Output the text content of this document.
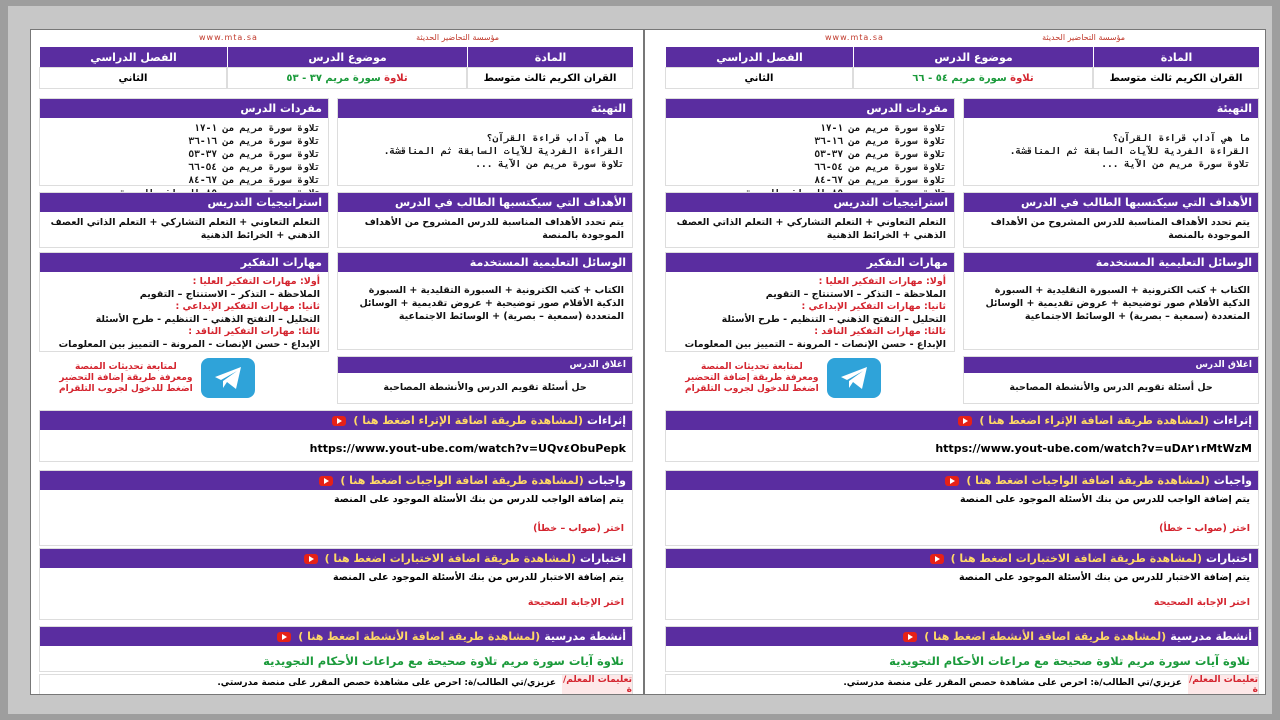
www.mta.sa	مؤسسة التحاضير الحديثة
المادة
موضوع الدرس
الفصل الدراسي
القران الكريم ثالث متوسط
تلاوة

سورة مريم ٣٧ - ٥٣
الثاني
التهيئة
ما هي آداب قراءة القرآن؟
القراءة الفردية للآيات السابقة ثم المناقشة.
تلاوة سورة مريم من الآية ...
مفردات الدرس
تلاوة سورة مريم من ١-١٧
تلاوة سورة مريم من ١٦-٣٦
تلاوة سورة مريم من ٣٧-٥٣
تلاوة سورة مريم من ٥٤-٦٦
تلاوة سورة مريم من ٦٧-٨٤
الأهداف التي سيكتسبها الطالب في الدرس
يتم تحدد الأهداف المناسبة للدرس المشروح من الأهداف الموجودة بالمنصة
استراتيجيات التدريس
التعلم التعاوني + التعلم التشاركي + التعلم الذاتي العصف الذهني + الخرائط الذهنية
الوسائل التعليمية المستخدمة
الكتاب + كتب الكترونية + السبورة التقليدية + السبورة الذكية الأقلام صور توضيحية + عروض تقديمية + الوسائل المتعددة (سمعية – بصرية) + الوسائط الاجتماعية
مهارات التفكير
أولا: مهارات التفكير العليا :
الملاحظة – التذكر – الاستنتاج – التقويم
ثانيا: مهارات التفكير الإبداعي :
التحليل – التفتح الذهني – التنظيم - طرح الأسئلة
ثالثا: مهارات التفكير الناقد :
الإبداع - حسن الإنصات - المرونة – التمييز بين المعلومات
اغلاق الدرس
حل أسئلة تقويم الدرس والأنشطة المصاحبة
لمتابعة تحديثات المنصة
ومعرفة طريقة إضافة التحضير
اضغط للدخول لجروب التلقرام
إثراءات
(لمشاهدة طريقة اضافة الإثراء اضغط هنا )
https://www.yout-ube.com/watch?v=UQv٤ObuPepk
واجبات
(لمشاهدة طريقة اضافة الواجبات اضغط هنا )
يتم إضافة الواجب للدرس من بنك الأسئلة الموجود على المنصة
اختر (صواب – خطأ)
اختبارات
(لمشاهدة طريقة اضافة الاختبارات اضغط هنا )
يتم إضافة الاختبار للدرس من بنك الأسئلة الموجود على المنصة
اختر الإجابة الصحيحة
أنشطة مدرسية
(لمشاهدة طريقة اضافة الأنشطة اضغط هنا )
تلاوة آيات سورة مريم تلاوة صحيحة مع مراعات الأحكام التجويدية
تعليمات المعلم/ة
عزيزي/تي الطالب/ة: احرص على مشاهدة حصص المقرر على منصة مدرستي.
www.mta.sa	مؤسسة التحاضير الحديثة
المادة
موضوع الدرس
الفصل الدراسي
القران الكريم ثالث متوسط
تلاوة

سورة مريم ٥٤ - ٦٦
الثاني
التهيئة
ما هي آداب قراءة القرآن؟
القراءة الفردية للآيات السابقة ثم المناقشة.
تلاوة سورة مريم من الآية ...
مفردات الدرس
تلاوة سورة مريم من ١-١٧
تلاوة سورة مريم من ١٦-٣٦
تلاوة سورة مريم من ٣٧-٥٣
تلاوة سورة مريم من ٥٤-٦٦
تلاوة سورة مريم من ٦٧-٨٤
الأهداف التي سيكتسبها الطالب في الدرس
يتم تحدد الأهداف المناسبة للدرس المشروح من الأهداف الموجودة بالمنصة
استراتيجيات التدريس
التعلم التعاوني + التعلم التشاركي + التعلم الذاتي العصف الذهني + الخرائط الذهنية
الوسائل التعليمية المستخدمة
الكتاب + كتب الكترونية + السبورة التقليدية + السبورة الذكية الأقلام صور توضيحية + عروض تقديمية + الوسائل المتعددة (سمعية – بصرية) + الوسائط الاجتماعية
مهارات التفكير
أولا: مهارات التفكير العليا :
الملاحظة – التذكر – الاستنتاج – التقويم
ثانيا: مهارات التفكير الإبداعي :
التحليل – التفتح الذهني – التنظيم - طرح الأسئلة
ثالثا: مهارات التفكير الناقد :
الإبداع - حسن الإنصات - المرونة – التمييز بين المعلومات
اغلاق الدرس
حل أسئلة تقويم الدرس والأنشطة المصاحبة
لمتابعة تحديثات المنصة
ومعرفة طريقة إضافة التحضير
اضغط للدخول لجروب التلقرام
إثراءات
(لمشاهدة طريقة اضافة الإثراء اضغط هنا )
https://www.yout-ube.com/watch?v=uD٨٢١rMtWzM
واجبات
(لمشاهدة طريقة اضافة الواجبات اضغط هنا )
يتم إضافة الواجب للدرس من بنك الأسئلة الموجود على المنصة
اختر (صواب – خطأ)
اختبارات
(لمشاهدة طريقة اضافة الاختبارات اضغط هنا )
يتم إضافة الاختبار للدرس من بنك الأسئلة الموجود على المنصة
اختر الإجابة الصحيحة
أنشطة مدرسية
(لمشاهدة طريقة اضافة الأنشطة اضغط هنا )
تلاوة آيات سورة مريم تلاوة صحيحة مع مراعات الأحكام التجويدية
تعليمات المعلم/ة
عزيزي/تي الطالب/ة: احرص على مشاهدة حصص المقرر على منصة مدرستي.
